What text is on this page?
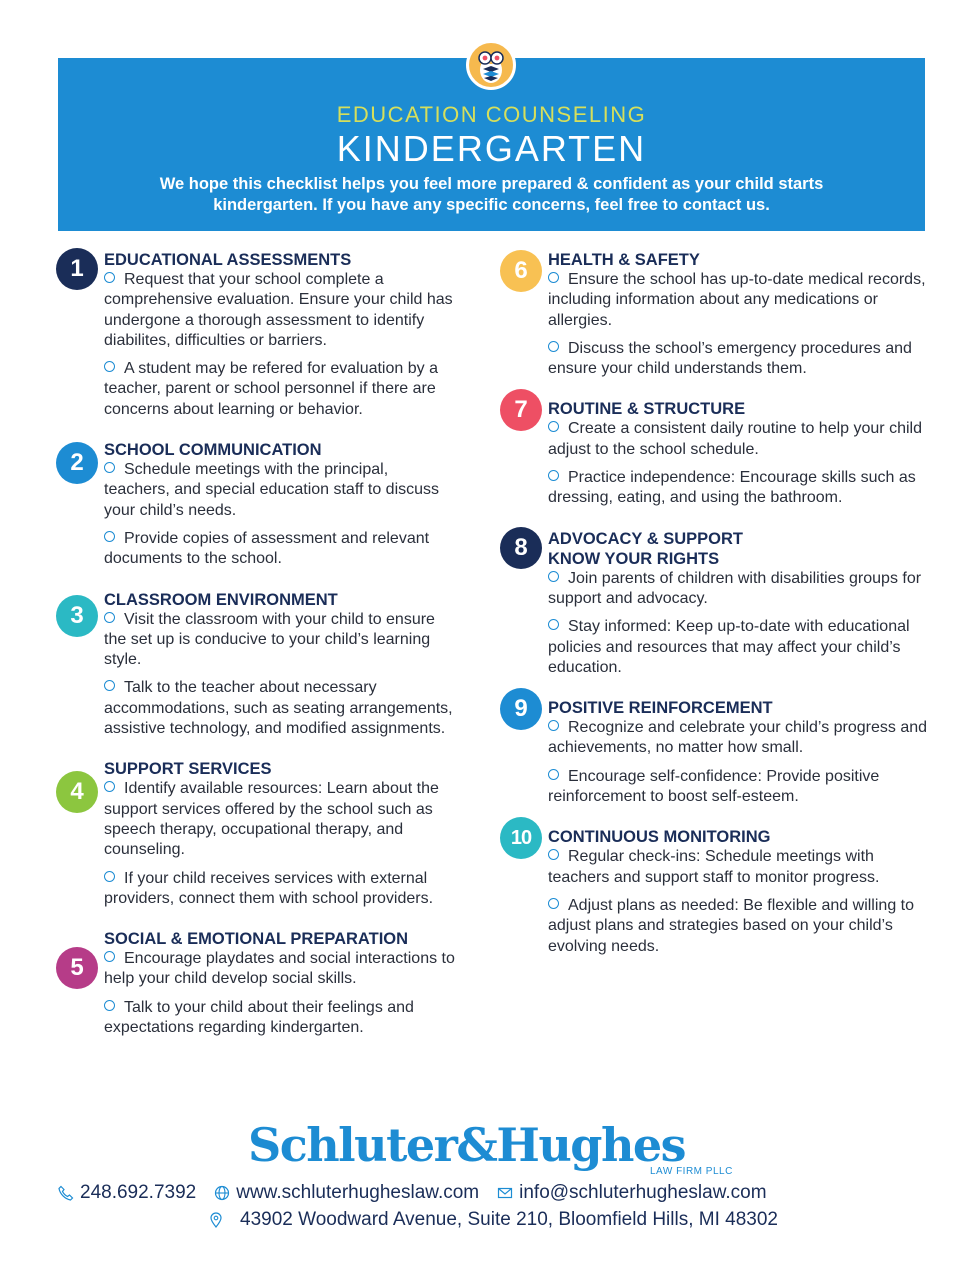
EDUCATION COUNSELING
KINDERGARTEN
We hope this checklist helps you feel more prepared & confident as your child starts kindergarten. If you have any specific concerns, feel free to contact us.
1	EDUCATIONAL ASSESSMENTS
Request that your school complete a comprehensive evaluation. Ensure your child has undergone a thorough assessment to identify diabilites, difficulties or barriers.
A student may be refered for evaluation by a teacher, parent or school personnel if there are concerns about learning or behavior.
2	SCHOOL COMMUNICATION
Schedule meetings with the principal, teachers, and special education staff to discuss your child’s needs.
Provide copies of assessment and relevant documents to the school.
3
CLASSROOM ENVIRONMENT
Visit the classroom with your child to ensure the set up is conducive to your child’s learning style.
Talk to the teacher about necessary accommodations, such as seating arrangements, assistive technology, and modified assignments.
4
SUPPORT SERVICES
Identify available resources: Learn about the support services offered by the school such as speech therapy, occupational therapy, and counseling.
If your child receives services with external providers, connect them with school providers.
5
SOCIAL & EMOTIONAL PREPARATION
Encourage playdates and social interactions to help your child develop social skills.
Talk to your child about their feelings and expectations regarding kindergarten.
6	HEALTH & SAFETY
Ensure the school has up-to-date medical records, including information about any medications or allergies.
Discuss the school’s emergency procedures and ensure your child understands them.
7	ROUTINE & STRUCTURE
Create a consistent daily routine to help your child adjust to the school schedule.
Practice independence: Encourage skills such as dressing, eating, and using the bathroom.
8	ADVOCACY & SUPPORT
KNOW YOUR RIGHTS
Join parents of children with disabilities groups for support and advocacy.
Stay informed: Keep up-to-date with educational policies and resources that may affect your child’s education.
9	POSITIVE REINFORCEMENT
Recognize and celebrate your child’s progress and achievements, no matter how small.
Encourage self-confidence: Provide positive reinforcement to boost self-esteem.
10	CONTINUOUS MONITORING
Regular check-ins: Schedule meetings with teachers and support staff to monitor progress.
Adjust plans as needed: Be flexible and willing to adjust plans and strategies based on your child’s evolving needs.
Schluter&Hughes
LAW FIRM PLLC
248.692.7392 www.schluterhugheslaw.com info@schluterhugheslaw.com
43902 Woodward Avenue, Suite 210, Bloomfield Hills, MI 48302
